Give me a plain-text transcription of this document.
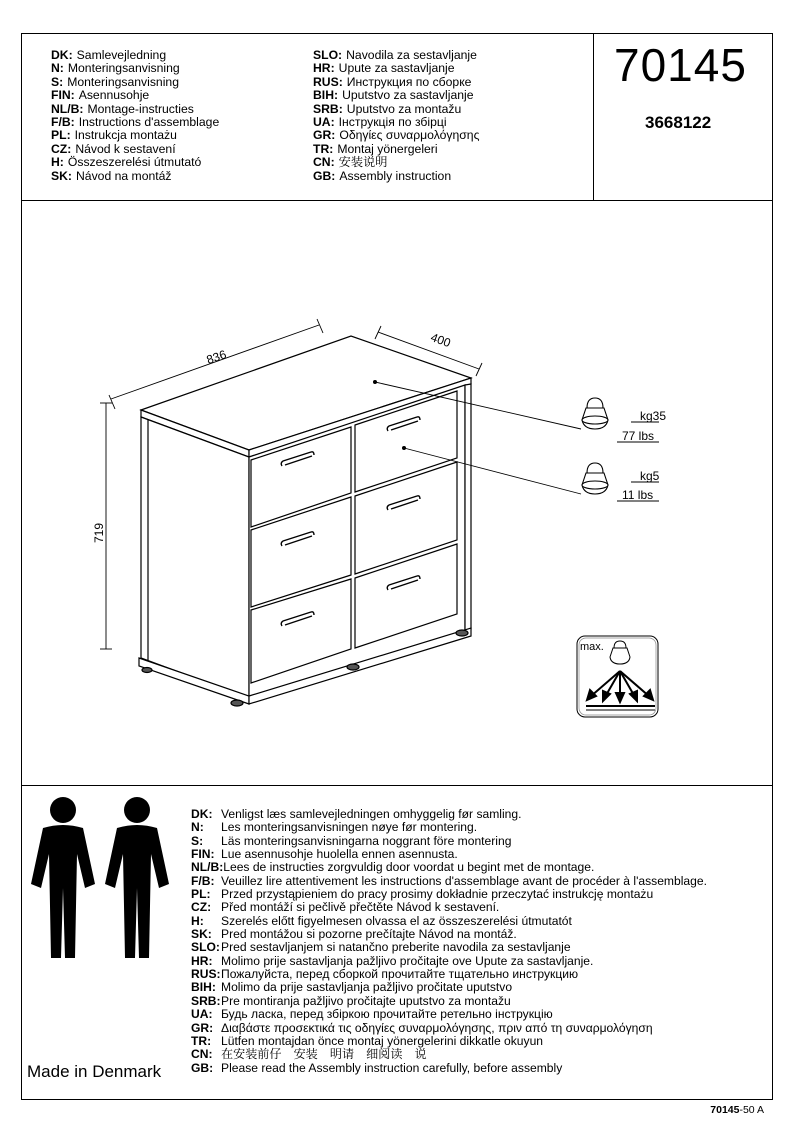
DK: Samlevejledning
N: Monteringsanvisning
S: Monteringsanvisning
FIN: Asennusohje
NL/B: Montage-instructies
F/B: Instructions d'assemblage
PL: Instrukcja montażu
CZ: Návod k sestavení
H: Összeszerelési útmutató
SK: Návod na montáž
SLO: Navodila za sestavljanje
HR: Upute za sastavljanje
RUS: Инструкция по сборке
BIH: Uputstvo za sastavljanje
SRB: Uputstvo za montažu
UA: Інструкція по збірці
GR: Οδηγίες συναρμολόγησης
TR: Montaj yönergeleri
CN: 安装说明
GB: Assembly instruction
70145
3668122
836
400
719
kg35
77 lbs
kg5
11 lbs
max.
DK: Venligst læs samlevejledningen omhyggelig før samling.
N: Les monteringsanvisningen nøye før montering.
S: Läs monteringsanvisningarna noggrant före montering
FIN: Lue asennusohje huolella ennen asennusta.
NL/B:Lees de instructies zorgvuldig door voordat u begint met de montage.
F/B: Veuillez lire attentivement les instructions d'assemblage avant de procéder à l'assemblage.
PL: Przed przystąpieniem do pracy prosimy dokładnie przeczytać instrukcję montażu
CZ: Před montáží si pečlivě přečtěte Návod k sestavení.
H: Szerelés előtt figyelmesen olvassa el az összeszerelési útmutatót
SK: Pred montážou si pozorne prečítajte Návod na montáž.
SLO:Pred sestavljanjem si natančno preberite navodila za sestavljanje
HR: Molimo prije sastavljanja pažljivo pročitajte ove Upute za sastavljanje.
RUS:Пожалуйста, перед сборкой прочитайте тщательно инструкцию
BIH: Molimo da prije sastavljanja pažljivo pročitate uputstvo
SRB:Pre montiranja pažljivo pročitajte uputstvo za montažu
UA: Будь ласка, перед збіркою прочитайте ретельно інструкцію
GR: Διαβάστε προσεκτικά τις οδηγίες συναρμολόγησης, πριν από τη συναρμολόγηση
TR: Lütfen montajdan önce montaj yönergelerini dikkatle okuyun
CN: 在安装前仔　安装　明请　细阅读　说
GB: Please read the Assembly instruction carefully, before assembly
Made in Denmark
70145-50 A
